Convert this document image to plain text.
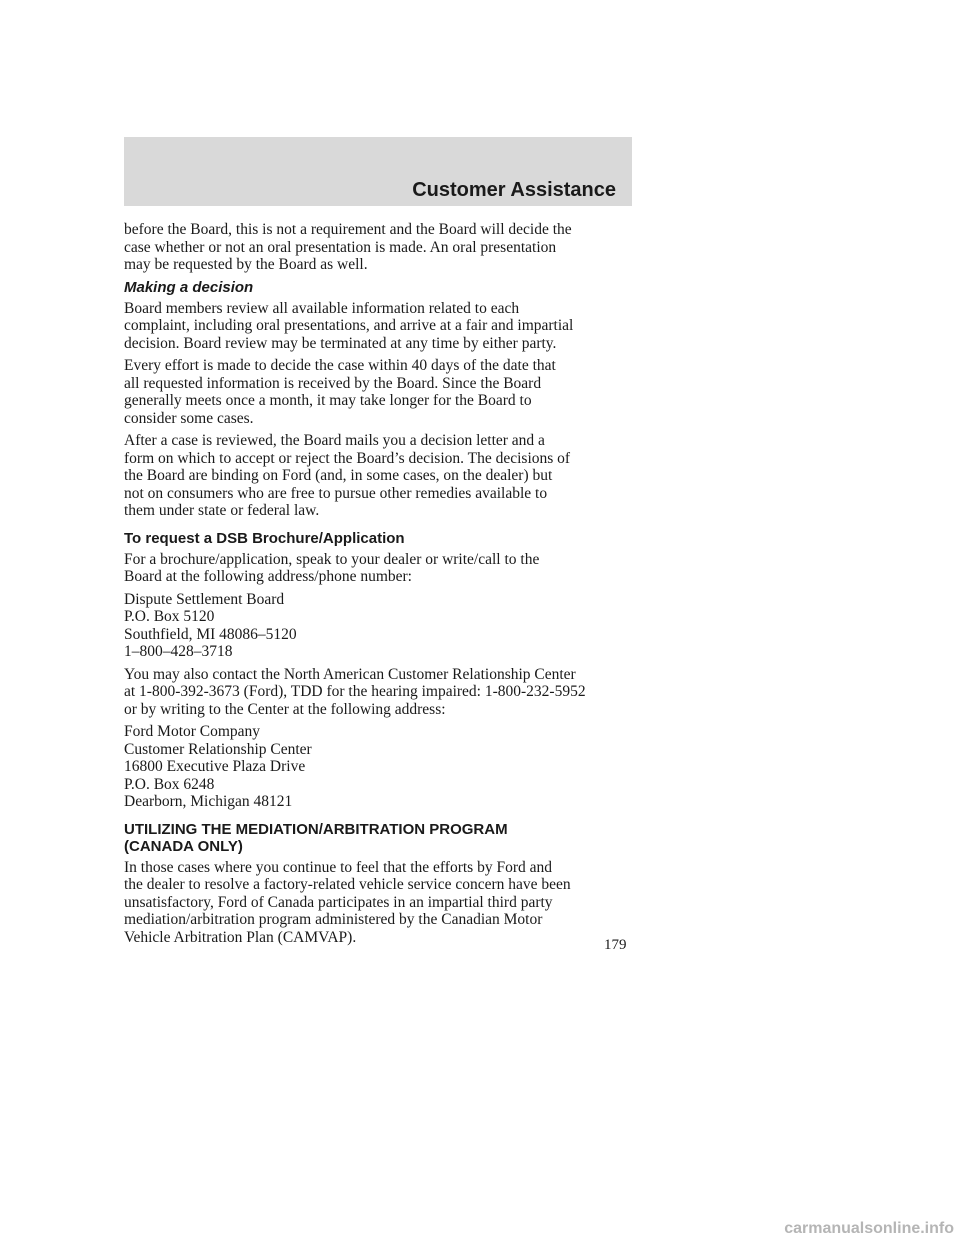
Customer Assistance
before the Board, this is not a requirement and the Board will decide the
case whether or not an oral presentation is made. An oral presentation
may be requested by the Board as well.
Making a decision
Board members review all available information related to each
complaint, including oral presentations, and arrive at a fair and impartial
decision. Board review may be terminated at any time by either party.
Every effort is made to decide the case within 40 days of the date that
all requested information is received by the Board. Since the Board
generally meets once a month, it may take longer for the Board to
consider some cases.
After a case is reviewed, the Board mails you a decision letter and a
form on which to accept or reject the Board’s decision. The decisions of
the Board are binding on Ford (and, in some cases, on the dealer) but
not on consumers who are free to pursue other remedies available to
them under state or federal law.
To request a DSB Brochure/Application
For a brochure/application, speak to your dealer or write/call to the
Board at the following address/phone number:
Dispute Settlement Board
P.O. Box 5120
Southfield, MI 48086–5120
1–800–428–3718
You may also contact the North American Customer Relationship Center
at 1-800-392-3673 (Ford), TDD for the hearing impaired: 1-800-232-5952
or by writing to the Center at the following address:
Ford Motor Company
Customer Relationship Center
16800 Executive Plaza Drive
P.O. Box 6248
Dearborn, Michigan 48121
UTILIZING THE MEDIATION/ARBITRATION PROGRAM
(CANADA ONLY)
In those cases where you continue to feel that the efforts by Ford and
the dealer to resolve a factory-related vehicle service concern have been
unsatisfactory, Ford of Canada participates in an impartial third party
mediation/arbitration program administered by the Canadian Motor
Vehicle Arbitration Plan (CAMVAP).	179
carmanualsonline.info
